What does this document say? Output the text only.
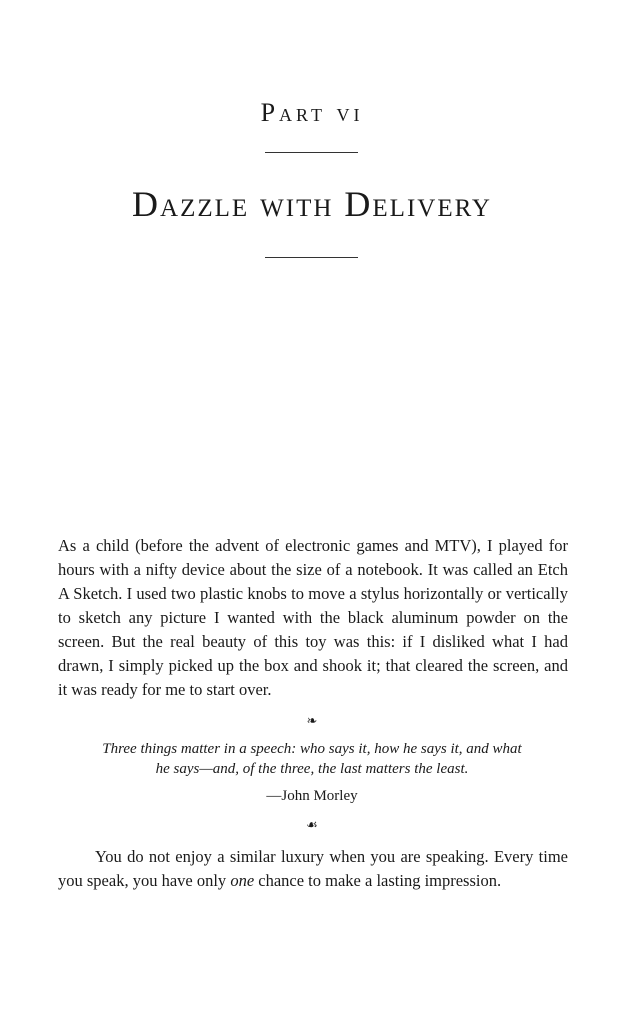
Part vi
Dazzle with Delivery

As a child (before the advent of electronic games and MTV), I played for hours with a nifty device about the size of a notebook. It was called an Etch A Sketch. I used two plastic knobs to move a stylus horizontally or vertically to sketch any picture I wanted with the black aluminum powder on the screen. But the real beauty of this toy was this: if I disliked what I had drawn, I simply picked up the box and shook it; that cleared the screen, and it was ready for me to start over.

❧

Three things matter in a speech: who says it, how he says it, and what
he says—and, of the three, the last matters the least.

—John Morley

☙

You do not enjoy a similar luxury when you are speaking. Every time you speak, you have only one chance to make a lasting impression.
